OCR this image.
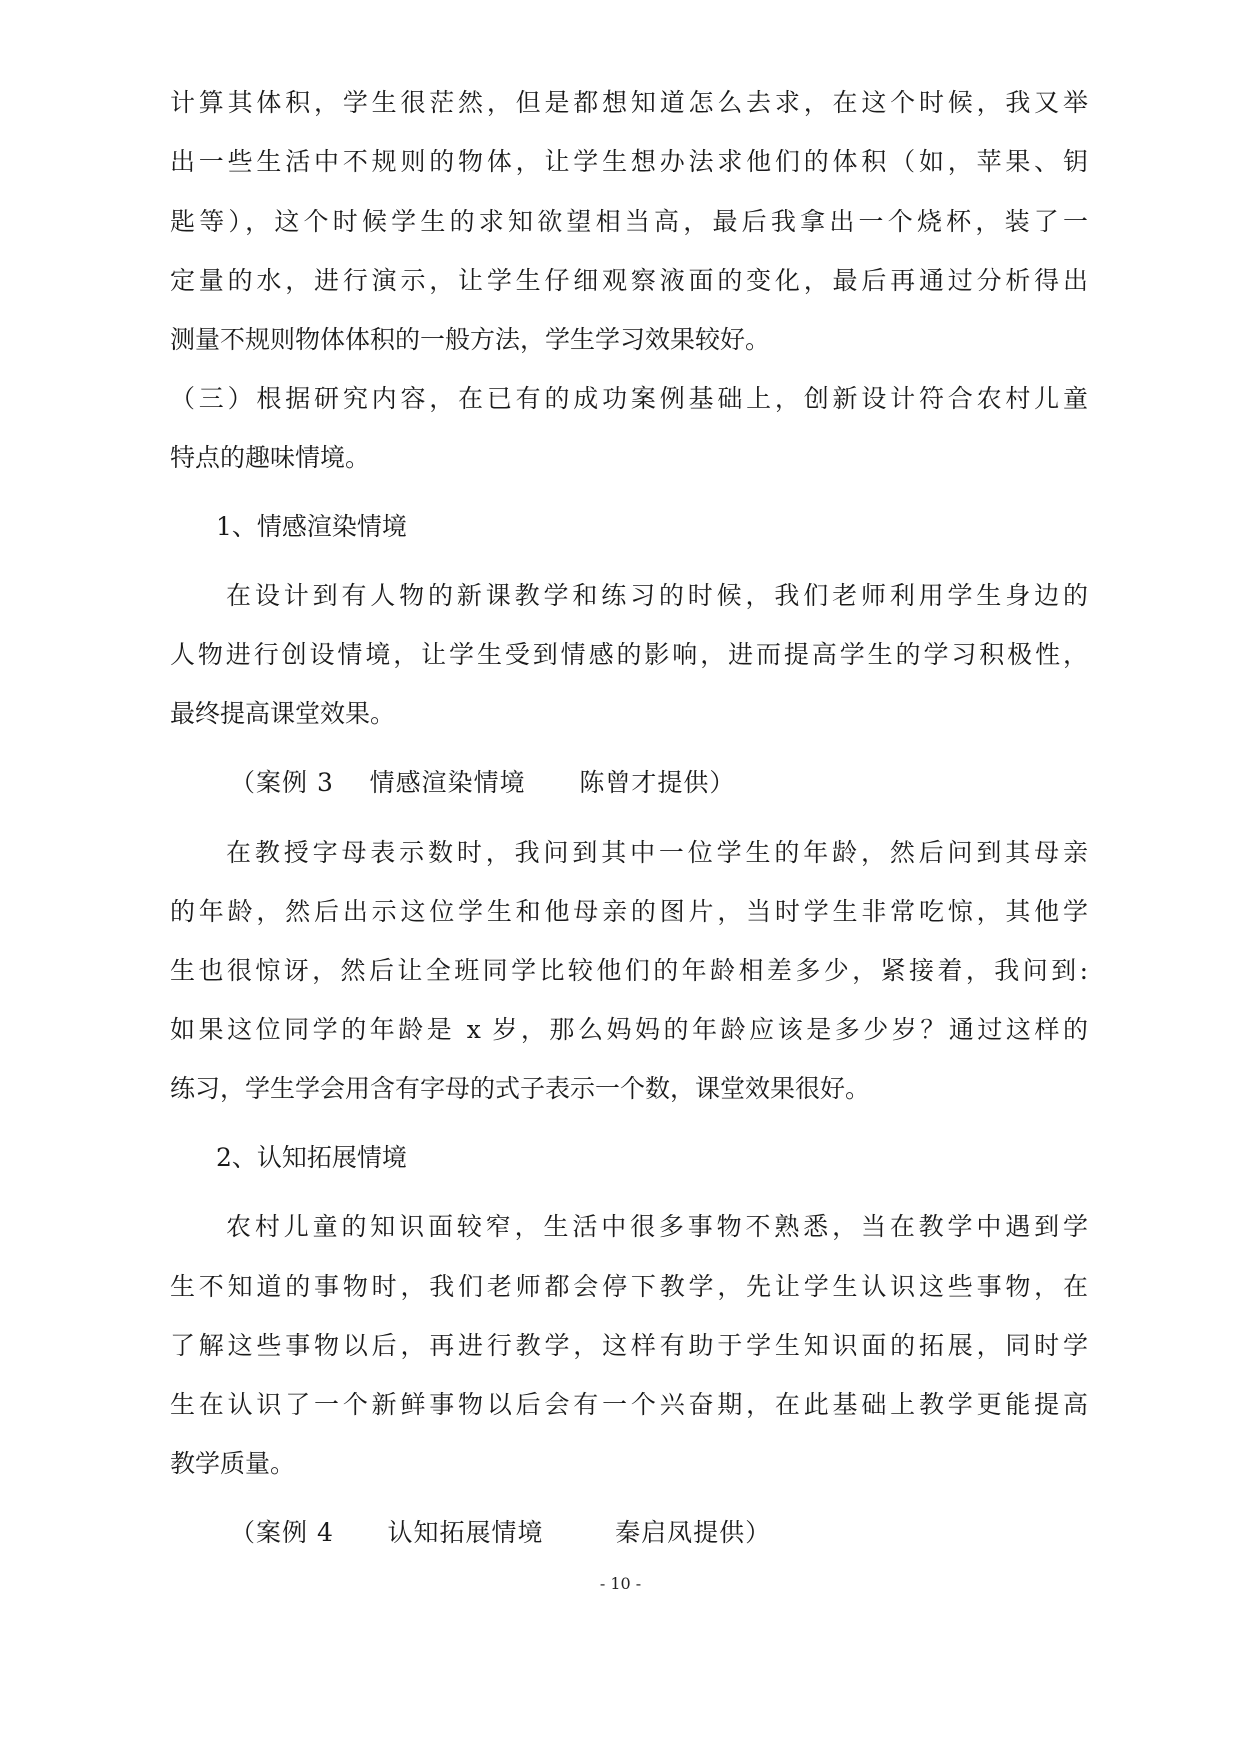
计算其体积，学生很茫然，但是都想知道怎么去求，在这个时候，我又举
出一些生活中不规则的物体，让学生想办法求他们的体积（如，苹果、钥
匙等），这个时候学生的求知欲望相当高，最后我拿出一个烧杯，装了一
定量的水，进行演示，让学生仔细观察液面的变化，最后再通过分析得出
测量不规则物体体积的一般方法，学生学习效果较好。
（三）根据研究内容，在已有的成功案例基础上，创新设计符合农村儿童
特点的趣味情境。
1、情感渲染情境
在设计到有人物的新课教学和练习的时候，我们老师利用学生身边的
人物进行创设情境，让学生受到情感的影响，进而提高学生的学习积极性，
最终提高课堂效果。
（案例 3    情感渲染情境      陈曾才提供）
在教授字母表示数时，我问到其中一位学生的年龄，然后问到其母亲
的年龄，然后出示这位学生和他母亲的图片，当时学生非常吃惊，其他学
生也很惊讶，然后让全班同学比较他们的年龄相差多少，紧接着，我问到:
如果这位同学的年龄是 x 岁，那么妈妈的年龄应该是多少岁？通过这样的
练习，学生学会用含有字母的式子表示一个数，课堂效果很好。
2、认知拓展情境
农村儿童的知识面较窄，生活中很多事物不熟悉，当在教学中遇到学
生不知道的事物时，我们老师都会停下教学，先让学生认识这些事物，在
了解这些事物以后，再进行教学，这样有助于学生知识面的拓展，同时学
生在认识了一个新鲜事物以后会有一个兴奋期，在此基础上教学更能提高
教学质量。
（案例 4      认知拓展情境        秦启凤提供）
- 10 -
